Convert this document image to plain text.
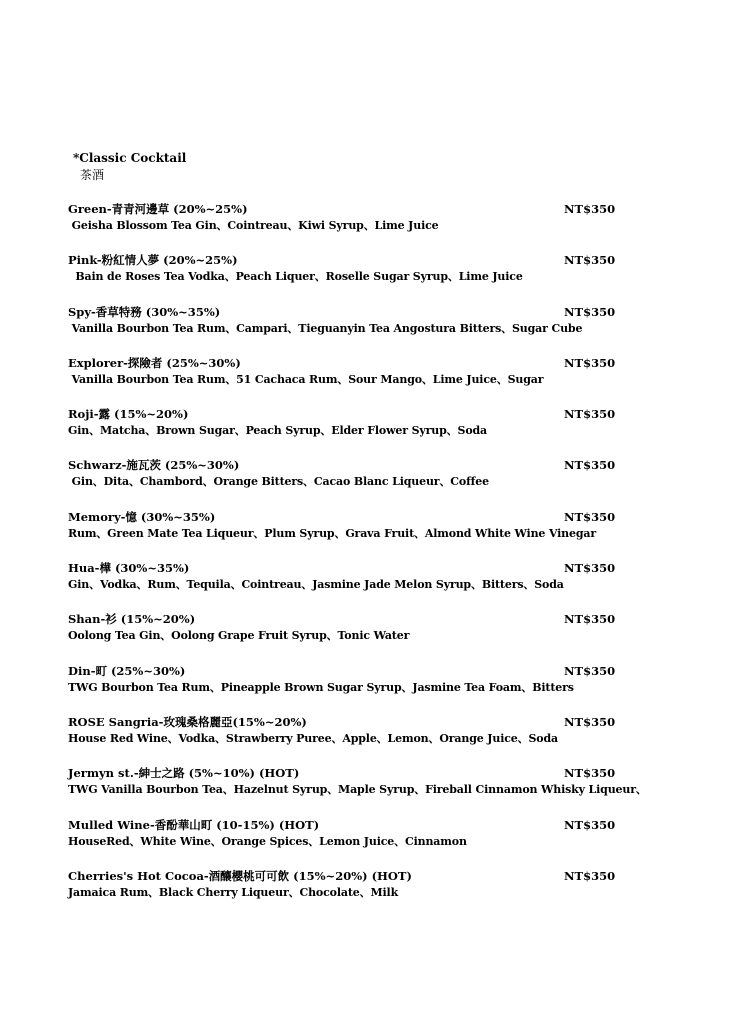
*Classic Cocktail
茶酒
Green-青青河邊草 (20%~25%)	NT$350
Geisha Blossom Tea Gin、Cointreau、Kiwi Syrup、Lime Juice
Pink-粉紅情人夢 (20%~25%)	NT$350
Bain de Roses Tea Vodka、Peach Liquer、Roselle Sugar Syrup、Lime Juice
Spy-香草特務 (30%~35%)	NT$350
Vanilla Bourbon Tea Rum、Campari、Tieguanyin Tea Angostura Bitters、Sugar Cube
Explorer-探險者 (25%~30%)	NT$350
Vanilla Bourbon Tea Rum、51 Cachaca Rum、Sour Mango、Lime Juice、Sugar
Roji-露 (15%~20%)	NT$350
Gin、Matcha、Brown Sugar、Peach Syrup、Elder Flower Syrup、Soda
Schwarz-施瓦茨 (25%~30%)	NT$350
Gin、Dita、Chambord、Orange Bitters、Cacao Blanc Liqueur、Coffee
Memory-憶 (30%~35%)	NT$350
Rum、Green Mate Tea Liqueur、Plum Syrup、Grava Fruit、Almond White Wine Vinegar
Hua-樺 (30%~35%)	NT$350
Gin、Vodka、Rum、Tequila、Cointreau、Jasmine Jade Melon Syrup、Bitters、Soda
Shan-衫 (15%~20%)	NT$350
Oolong Tea Gin、Oolong Grape Fruit Syrup、Tonic Water
Din-町 (25%~30%)	NT$350
TWG Bourbon Tea Rum、Pineapple Brown Sugar Syrup、Jasmine Tea Foam、Bitters
ROSE Sangria-玫瑰桑格麗亞(15%~20%)	NT$350
House Red Wine、Vodka、Strawberry Puree、Apple、Lemon、Orange Juice、Soda
Jermyn st.-紳士之路 (5%~10%) (HOT)	NT$350
TWG Vanilla Bourbon Tea、Hazelnut Syrup、Maple Syrup、Fireball Cinnamon Whisky Liqueur、
Mulled Wine-香酚華山町 (10-15%) (HOT)	NT$350
HouseRed、White Wine、Orange Spices、Lemon Juice、Cinnamon
Cherries's Hot Cocoa-酒釀櫻桃可可飲 (15%~20%) (HOT)	NT$350
Jamaica Rum、Black Cherry Liqueur、Chocolate、Milk
